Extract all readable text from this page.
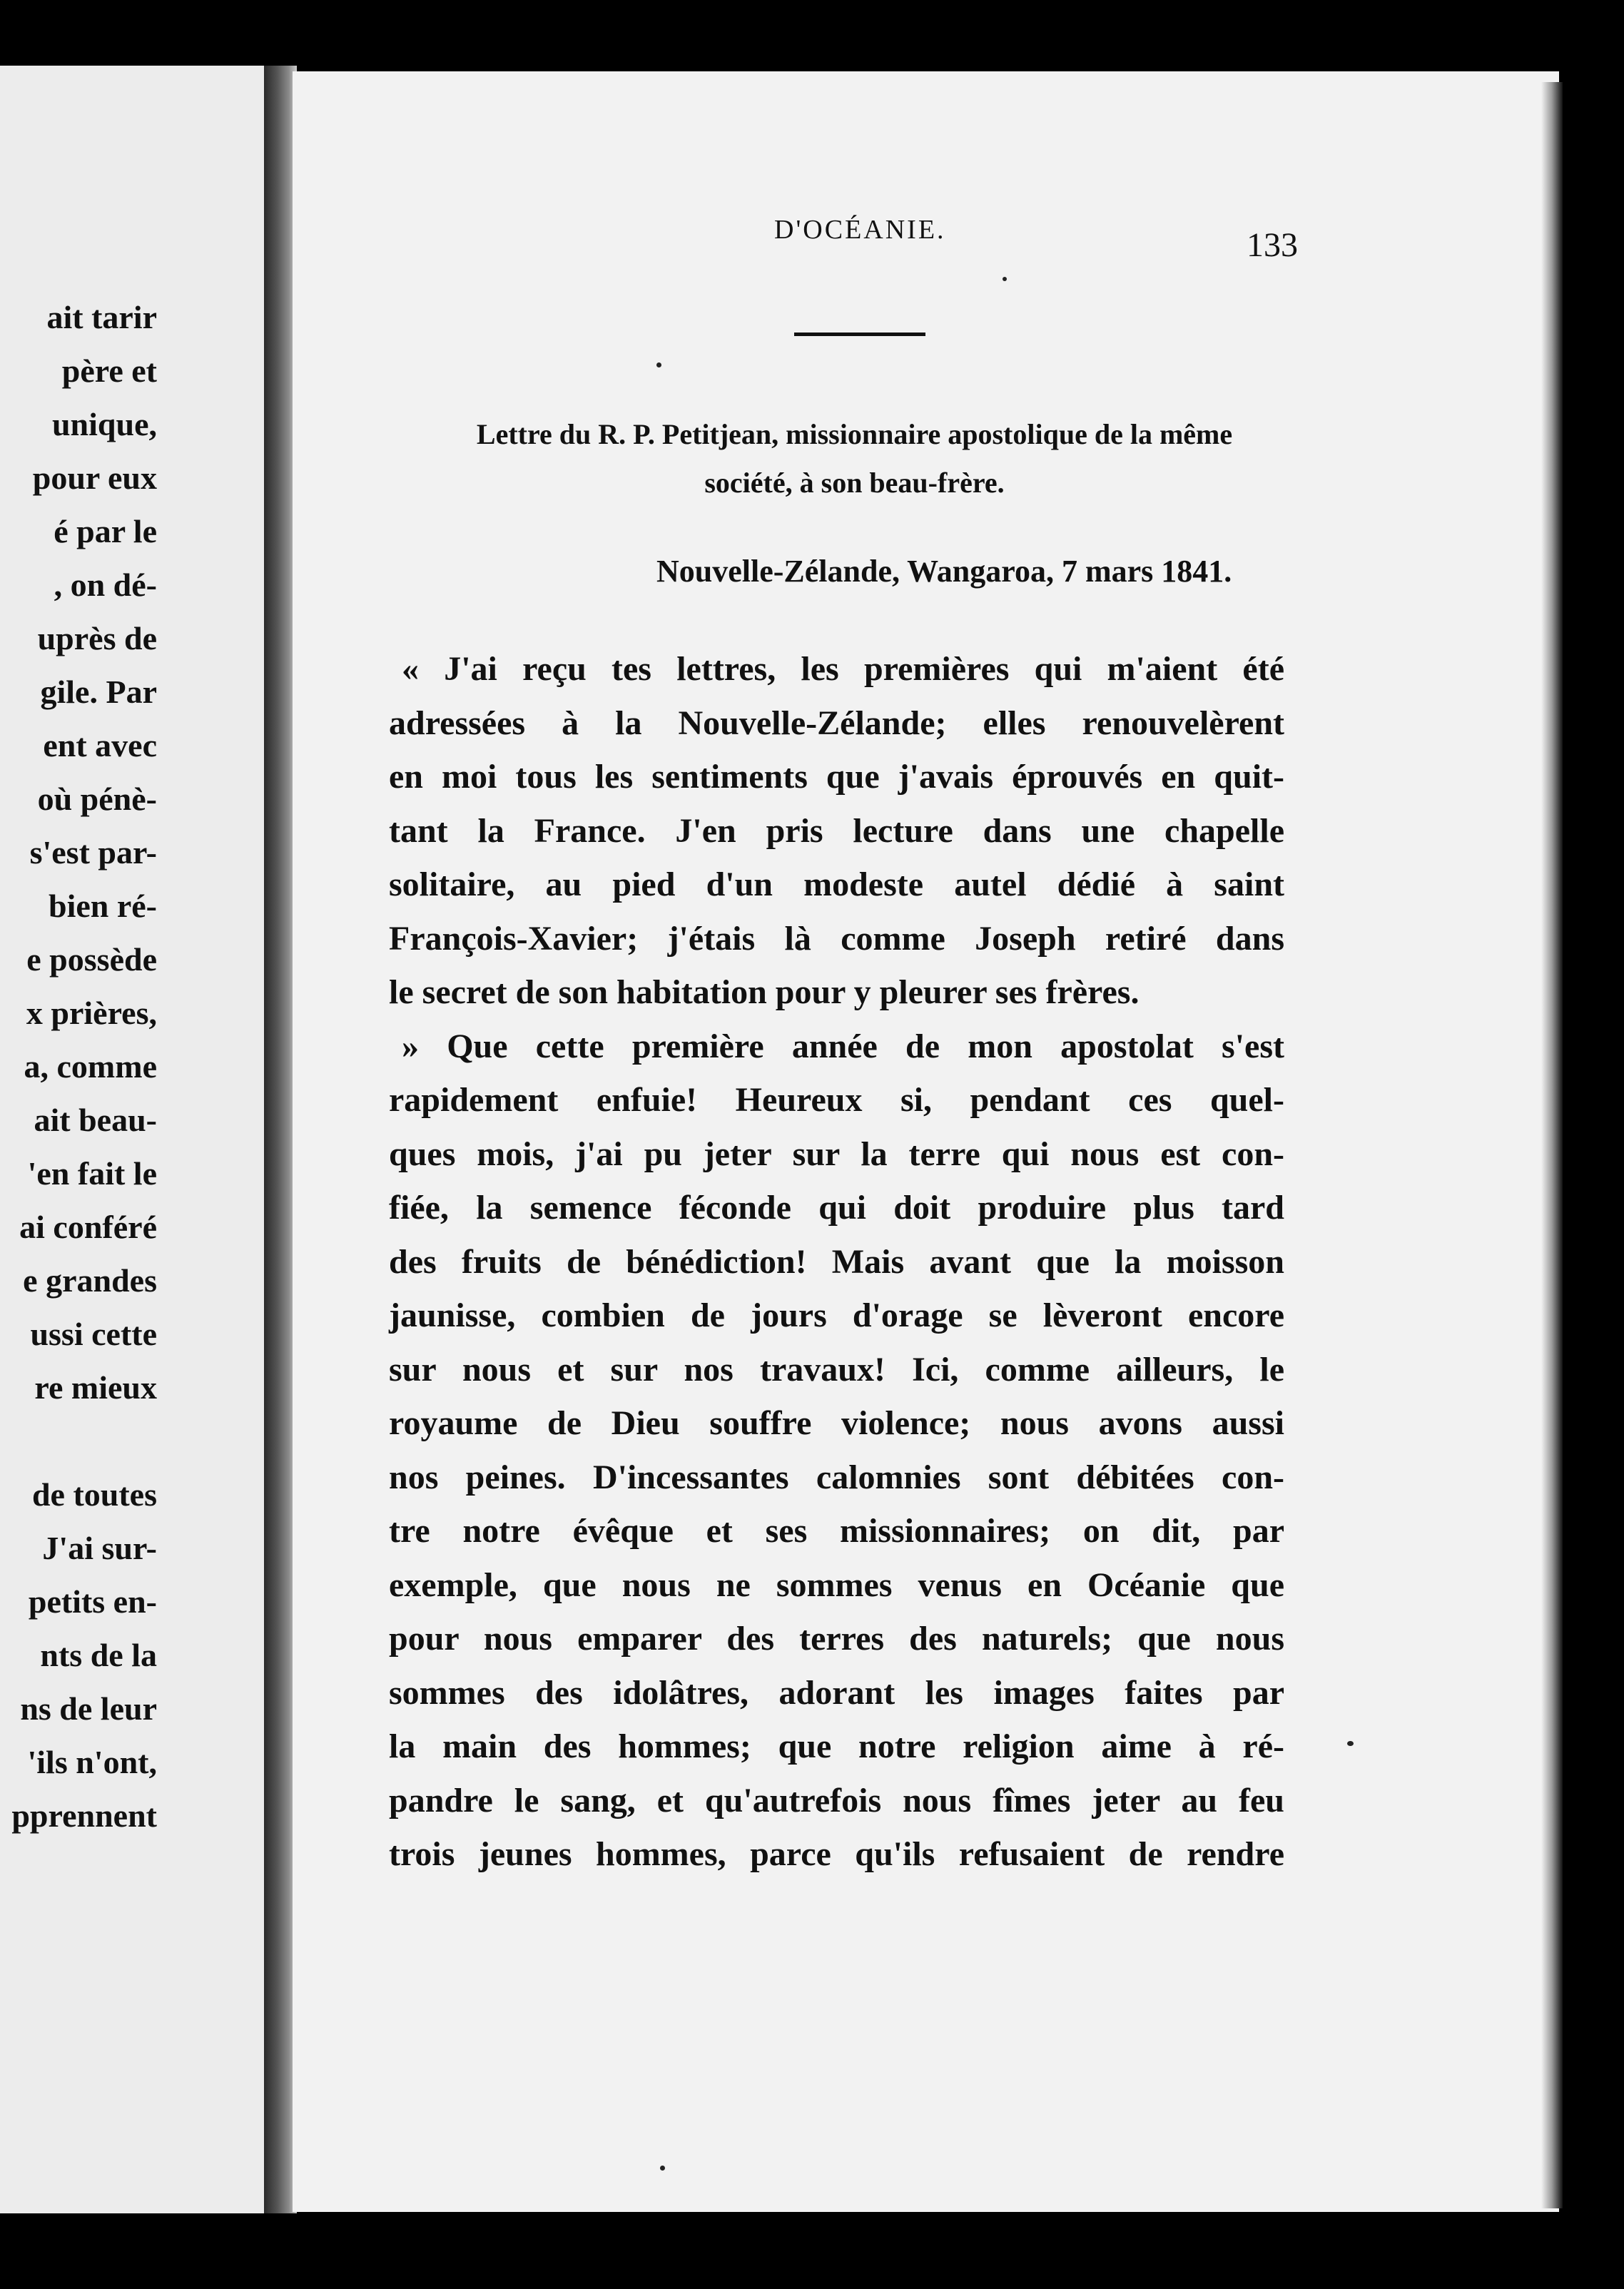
ait tarir
père et
unique,
pour eux
é par le
, on dé-
uprès de
gile. Par
ent avec
où pénè-
s'est par-
bien ré-
e possède
x prières,
a, comme
ait beau-
'en fait le
ai conféré
e grandes
ussi cette
re mieux
de toutes
J'ai sur-
petits en-
nts de la
ns de leur
'ils n'ont,
pprennent
D'OCÉANIE.	133
Lettre du R. P. Petitjean, missionnaire apostolique de la même
société, à son beau-frère.
Nouvelle-Zélande, Wangaroa, 7 mars 1841.
« J'ai reçu tes lettres, les premières qui m'aient été
adressées à la Nouvelle-Zélande; elles renouvelèrent
en moi tous les sentiments que j'avais éprouvés en quit-
tant la France. J'en pris lecture dans une chapelle
solitaire, au pied d'un modeste autel dédié à saint
François-Xavier; j'étais là comme Joseph retiré dans
le secret de son habitation pour y pleurer ses frères.
» Que cette première année de mon apostolat s'est
rapidement enfuie! Heureux si, pendant ces quel-
ques mois, j'ai pu jeter sur la terre qui nous est con-
fiée, la semence féconde qui doit produire plus tard
des fruits de bénédiction! Mais avant que la moisson
jaunisse, combien de jours d'orage se lèveront encore
sur nous et sur nos travaux! Ici, comme ailleurs, le
royaume de Dieu souffre violence; nous avons aussi
nos peines. D'incessantes calomnies sont débitées con-
tre notre évêque et ses missionnaires; on dit, par
exemple, que nous ne sommes venus en Océanie que
pour nous emparer des terres des naturels; que nous
sommes des idolâtres, adorant les images faites par
la main des hommes; que notre religion aime à ré-
pandre le sang, et qu'autrefois nous fîmes jeter au feu
trois jeunes hommes, parce qu'ils refusaient de rendre
